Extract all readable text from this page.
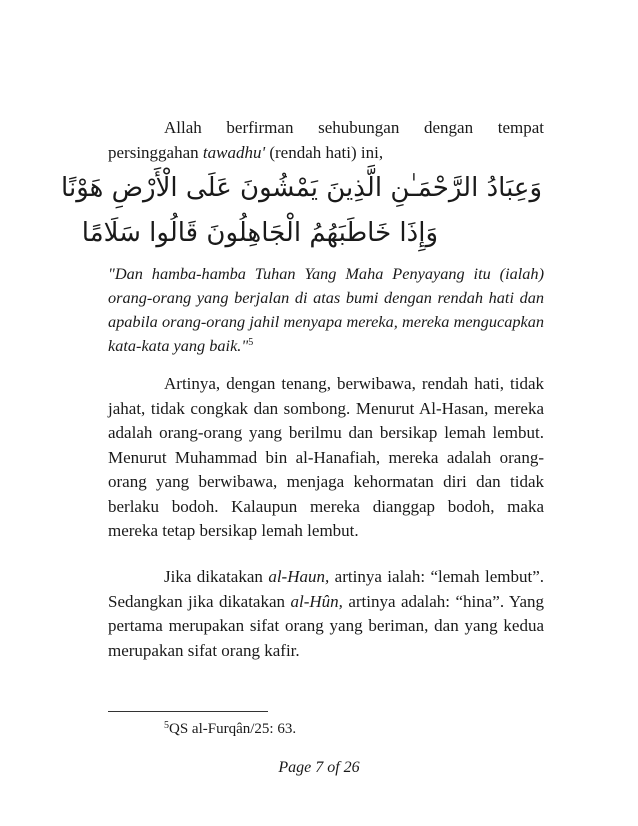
Allah berfirman sehubungan dengan tempat persinggahan tawadhu' (rendah hati) ini,

وَعِبَادُ الرَّحْمَـٰنِ الَّذِينَ يَمْشُونَ عَلَى الْأَرْضِ هَوْنًا
وَإِذَا خَاطَبَهُمُ الْجَاهِلُونَ قَالُوا سَلَامًا

"Dan hamba-hamba Tuhan Yang Maha Penyayang itu (ialah) orang-orang yang berjalan di atas bumi dengan rendah hati dan apabila orang-orang jahil menyapa mereka, mereka mengucapkan kata-kata yang baik."$^5$

Artinya, dengan tenang, berwibawa, rendah hati, tidak jahat, tidak congkak dan sombong. Menurut Al-Hasan, mereka adalah orang-orang yang berilmu dan bersikap lemah lembut. Menurut Muhammad bin al-Hanafiah, mereka adalah orang-orang yang berwibawa, menjaga kehormatan diri dan tidak berlaku bodoh. Kalaupun mereka dianggap bodoh, maka mereka tetap bersikap lemah lembut.

Jika dikatakan al-Haun, artinya ialah: “lemah lembut”. Sedangkan jika dikatakan al-Hûn, artinya adalah: “hina”. Yang pertama merupakan sifat orang yang beriman, dan yang kedua merupakan sifat orang kafir.

$^5$QS al-Furqân/25: 63.
Page 7 of 26
